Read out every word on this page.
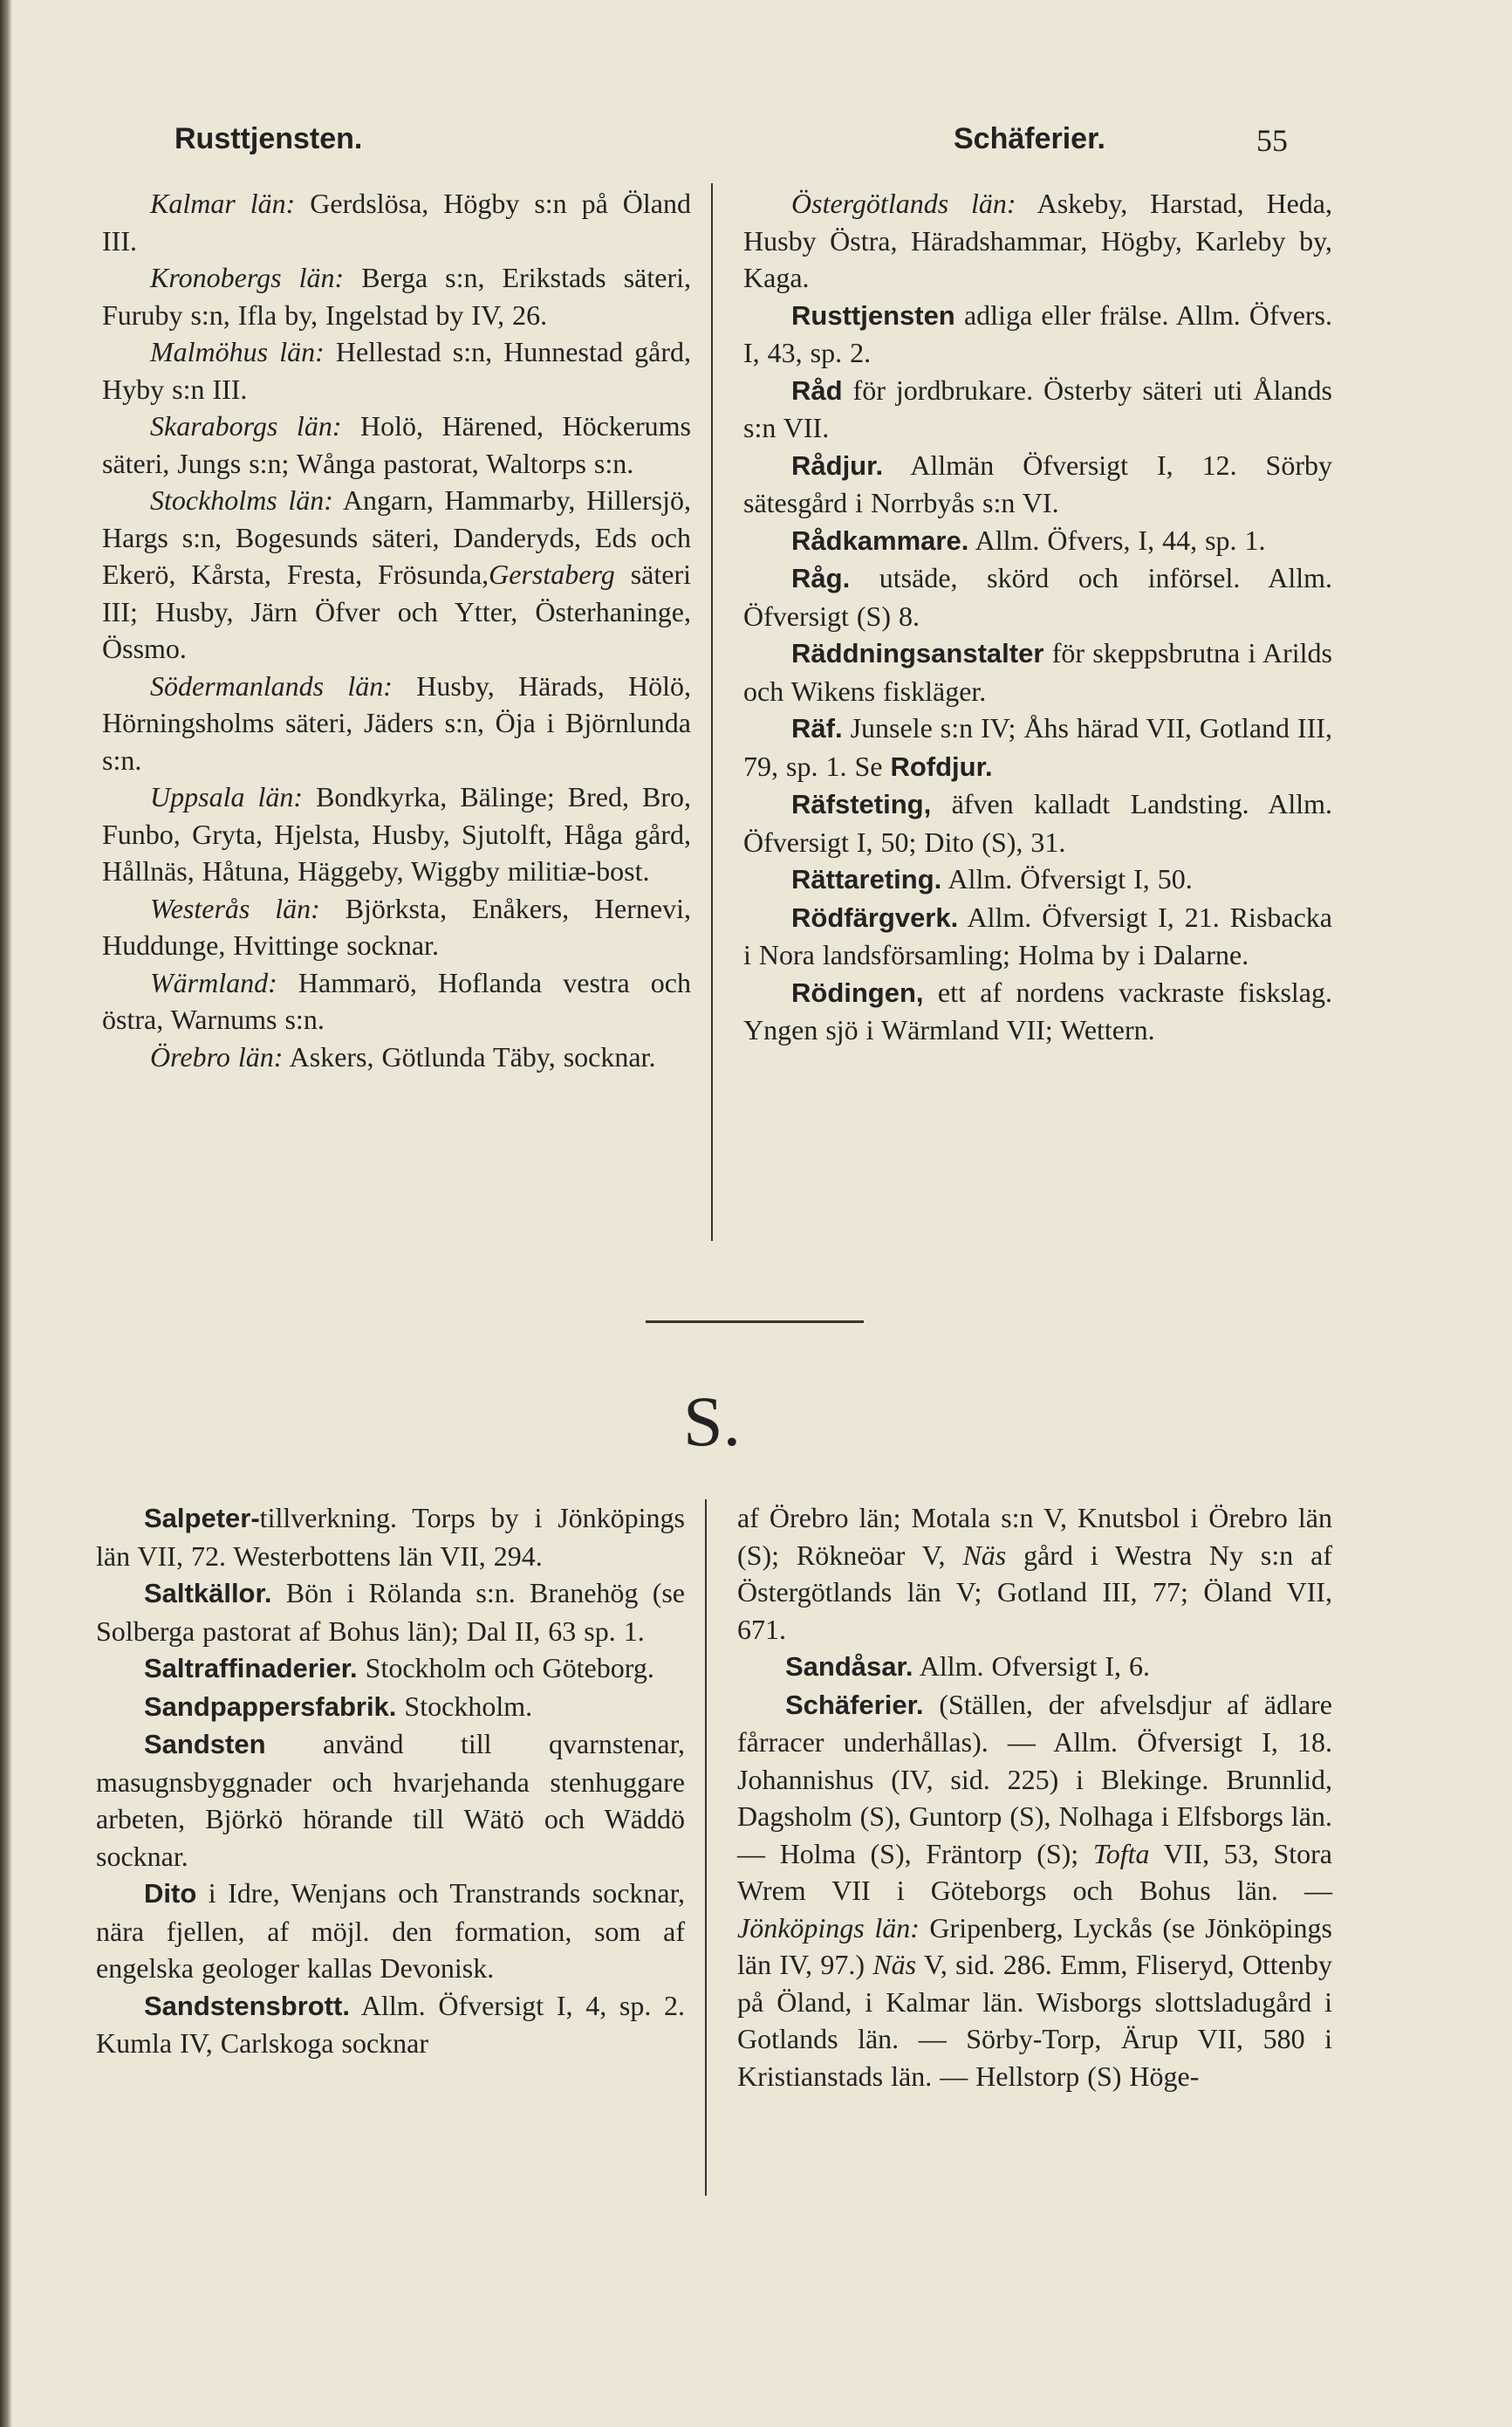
Rusttjensten.	Schäferier.	55

Kalmar län: Gerdslösa, Högby s:n på Öland III.

Kronobergs län: Berga s:n, Erikstads säteri, Furuby s:n, Ifla by, Ingelstad by IV, 26.

Malmöhus län: Hellestad s:n, Hunnestad gård, Hyby s:n III.

Skaraborgs län: Holö, Härened, Höckerums säteri, Jungs s:n; Wånga pastorat, Waltorps s:n.

Stockholms län: Angarn, Hammarby, Hillersjö, Hargs s:n, Bogesunds säteri, Danderyds, Eds och Ekerö, Kårsta, Fresta, Frösunda,Gerstaberg säteri III; Husby, Järn Öfver och Ytter, Österhaninge, Össmo.

Södermanlands län: Husby, Härads, Hölö, Hörningsholms säteri, Jäders s:n, Öja i Björnlunda s:n.

Uppsala län: Bondkyrka, Bälinge; Bred, Bro, Funbo, Gryta, Hjelsta, Husby, Sjutolft, Håga gård, Hållnäs, Håtuna, Häggeby, Wiggby militiæ-bost.

Westerås län: Björksta, Enåkers, Hernevi, Huddunge, Hvittinge socknar.

Wärmland: Hammarö, Hoflanda vestra och östra, Warnums s:n.

Örebro län: Askers, Götlunda Täby, socknar.

Östergötlands län: Askeby, Harstad, Heda, Husby Östra, Häradshammar, Högby, Karleby by, Kaga.

Rusttjensten adliga eller frälse. Allm. Öfvers. I, 43, sp. 2.

Råd för jordbrukare. Österby säteri uti Ålands s:n VII.

Rådjur. Allmän Öfversigt I, 12. Sörby sätesgård i Norrbyås s:n VI.

Rådkammare. Allm. Öfvers, I, 44, sp. 1.

Råg. utsäde, skörd och införsel. Allm. Öfversigt (S) 8.

Räddningsanstalter för skeppsbrutna i Arilds och Wikens fiskläger.

Räf. Junsele s:n IV; Åhs härad VII, Gotland III, 79, sp. 1. Se Rofdjur.

Räfsteting, äfven kalladt Landsting. Allm. Öfversigt I, 50; Dito (S), 31.

Rättareting. Allm. Öfversigt I, 50.

Rödfärgverk. Allm. Öfversigt I, 21. Risbacka i Nora landsförsamling; Holma by i Dalarne.

Rödingen, ett af nordens vackraste fiskslag. Yngen sjö i Wärmland VII; Wettern.

S.

Salpeter-tillverkning. Torps by i Jönköpings län VII, 72. Westerbottens län VII, 294.

Saltkällor. Bön i Rölanda s:n. Branehög (se Solberga pastorat af Bohus län); Dal II, 63 sp. 1.

Saltraffinaderier. Stockholm och Göteborg.

Sandpappersfabrik. Stockholm.

Sandsten använd till qvarnstenar, masugnsbyggnader och hvarjehanda stenhuggare arbeten, Björkö hörande till Wätö och Wäddö socknar.

Dito i Idre, Wenjans och Transtrands socknar, nära fjellen, af möjl. den formation, som af engelska geologer kallas Devonisk.

Sandstensbrott. Allm. Öfversigt I, 4, sp. 2. Kumla IV, Carlskoga socknar

af Örebro län; Motala s:n V, Knutsbol i Örebro län (S); Rökneöar V, Näs gård i Westra Ny s:n af Östergötlands län V; Gotland III, 77; Öland VII, 671.

Sandåsar. Allm. Ofversigt I, 6.

Schäferier. (Ställen, der afvelsdjur af ädlare fårracer underhållas). — Allm. Öfversigt I, 18. Johannishus (IV, sid. 225) i Blekinge. Brunnlid, Dagsholm (S), Guntorp (S), Nolhaga i Elfsborgs län. — Holma (S), Fräntorp (S); Tofta VII, 53, Stora Wrem VII i Göteborgs och Bohus län. — Jönköpings län: Gripenberg, Lyckås (se Jönköpings län IV, 97.) Näs V, sid. 286. Emm, Fliseryd, Ottenby på Öland, i Kalmar län. Wisborgs slottsladugård i Gotlands län. — Sörby-Torp, Ärup VII, 580 i Kristianstads län. — Hellstorp (S) Höge-
